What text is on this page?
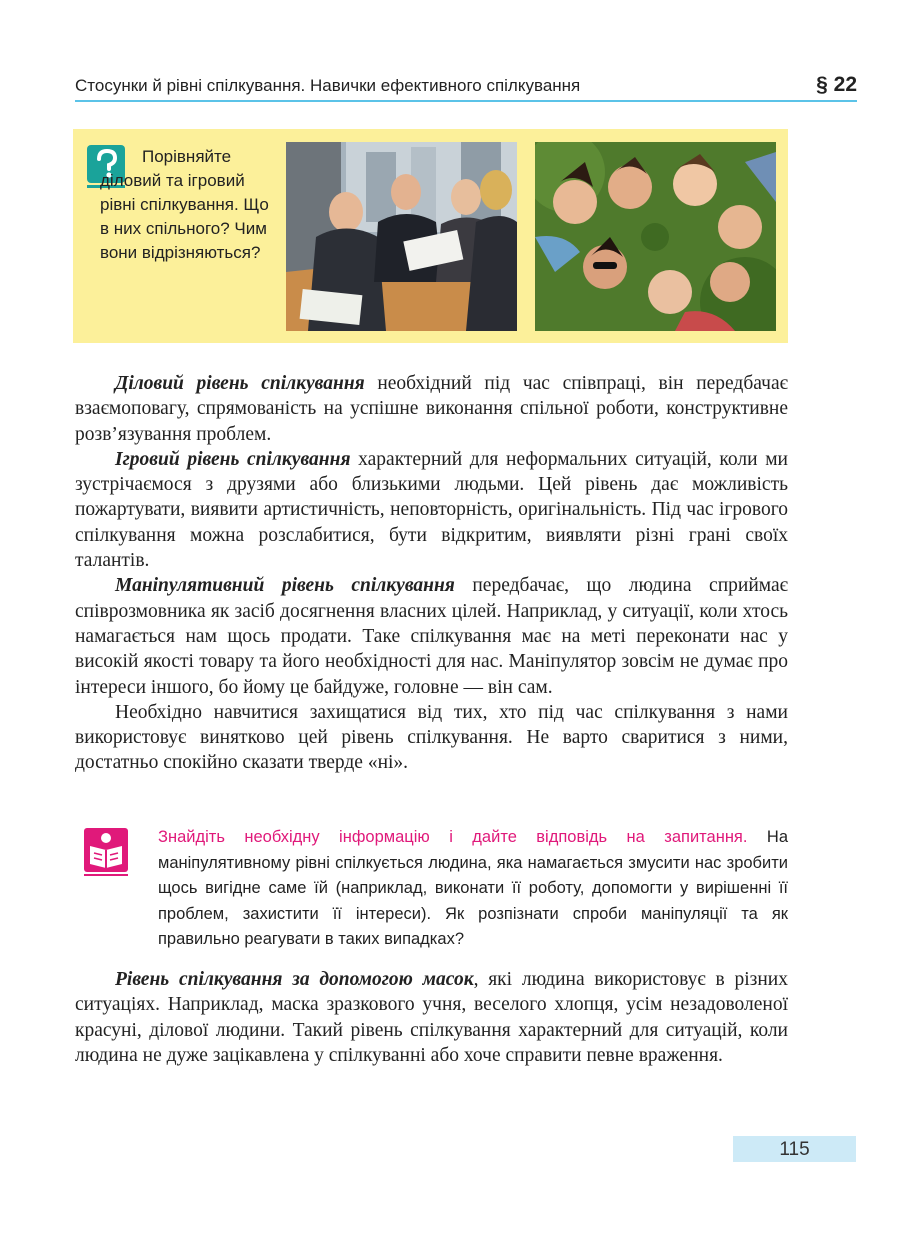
Стосунки й рівні спілкування. Навички ефективного спілкування	§ 22
Порівняйте діловий та ігровий рівні спілкування. Що в них спільного? Чим вони відрізняються?

Діловий рівень спілкування необхідний під час співпраці, він передбачає взаємоповагу, спрямованість на успішне виконання спільної роботи, конструктивне розв’язування проблем.

Ігровий рівень спілкування характерний для неформальних ситуацій, коли ми зустрічаємося з друзями або близькими людьми. Цей рівень дає можливість пожартувати, виявити артистичність, неповторність, оригінальність. Під час ігрового спілкування можна розслабитися, бути відкритим, виявляти різні грані своїх талантів.

Маніпулятивний рівень спілкування передбачає, що людина сприймає співрозмовника як засіб досягнення власних цілей. Наприклад, у ситуації, коли хтось намагається нам щось продати. Таке спілкування має на меті переконати нас у високій якості товару та його необхідності для нас. Маніпулятор зовсім не думає про інтереси іншого, бо йому це байдуже, головне — він сам.

Необхідно навчитися захищатися від тих, хто під час спілкування з нами використовує винятково цей рівень спілкування. Не варто сваритися з ними, достатньо спокійно сказати тверде «ні».

Знайдіть необхідну інформацію і дайте відповідь на запитання. На маніпулятивному рівні спілкується людина, яка намагається змусити нас зробити щось вигідне саме їй (наприклад, виконати її роботу, допомогти у вирішенні її проблем, захистити її інтереси). Як розпізнати спроби маніпуляції та як правильно реагувати в таких випадках?

Рівень спілкування за допомогою масок, які людина використовує в різних ситуаціях. Наприклад, маска зразкового учня, веселого хлопця, усім незадоволеної красуні, ділової людини. Такий рівень спілкування характерний для ситуацій, коли людина не дуже зацікавлена у спілкуванні або хоче справити певне враження.

115
